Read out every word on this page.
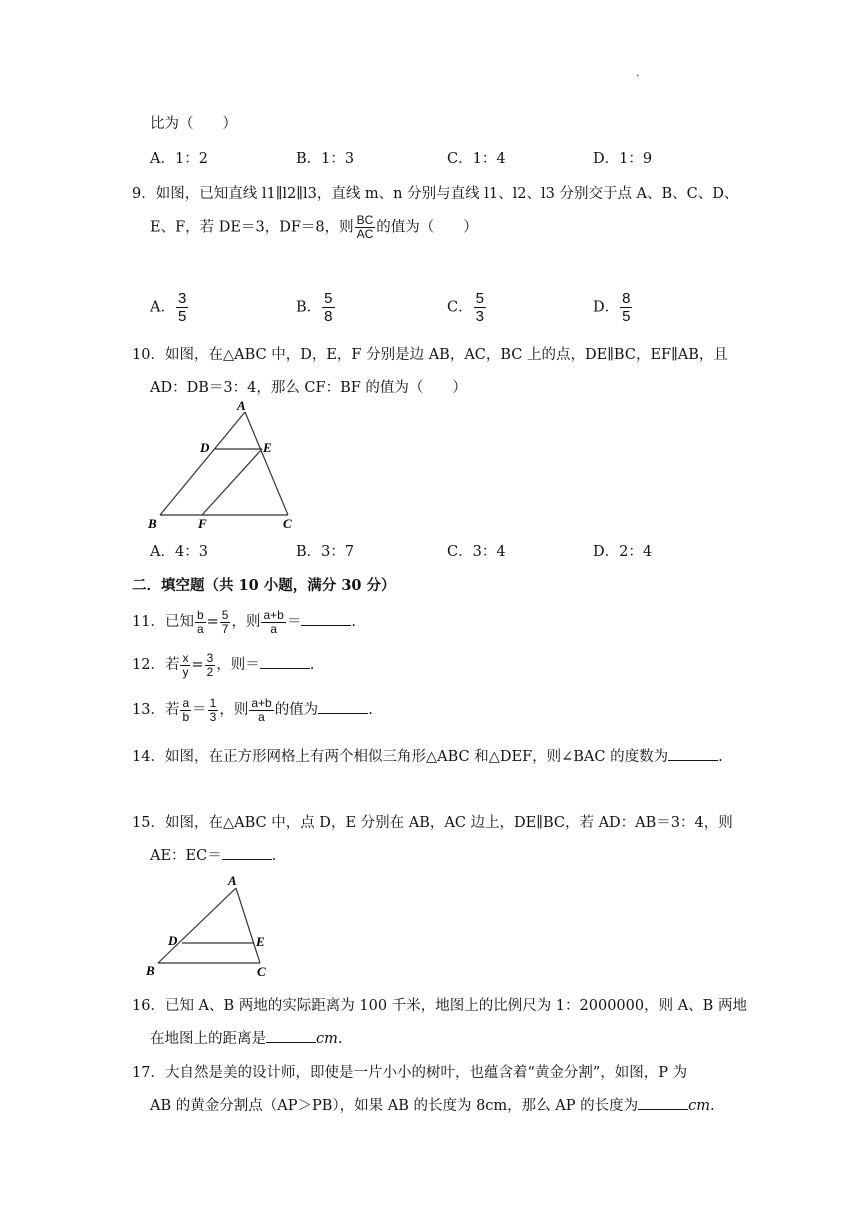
.
比为（　　）
A．1：2	B．1：3	C．1：4	D．1：9
9．如图，已知直线 l1∥l2∥l3，直线 m、n 分别与直线 l1、l2、l3 分别交于点 A、B、C、D、
E、F，若 DE＝3，DF＝8，则 $\frac{BC}{AC}$ 的值为（　　）
A． $\frac{3}{5}$	B． $\frac{5}{8}$	C． $\frac{5}{3}$	D． $\frac{8}{5}$
10．如图，在△ABC 中，D，E，F 分别是边 AB，AC，BC 上的点，DE∥BC，EF∥AB，且
AD：DB＝3：4，那么 CF：BF 的值为（　　）
A
D	E
B	F	C
A．4：3	B．3：7	C．3：4	D．2：4
二．填空题（共 10 小题，满分 30 分）
11．已知 $\frac{b}{a} = \frac{5}{7}$ ，则 $\frac{a+b}{a}$ ＝	.
12．若 $\frac{x}{y} = \frac{3}{2}$ ，则＝	.
13．若 $\frac{a}{b} = \frac{1}{3}$ ，则 $\frac{a+b}{a}$ 的值为	.
14．如图，在正方形网格上有两个相似三角形△ABC 和△DEF，则∠BAC 的度数为	.
15．如图，在△ABC 中，点 D，E 分别在 AB，AC 边上，DE∥BC，若 AD：AB＝3：4，则
AE：EC＝	.
A
D	E
B	C
16．已知 A、B 两地的实际距离为 100 千米，地图上的比例尺为 1：2000000，则 A、B 两地
在地图上的距离是	cm.
17．大自然是美的设计师，即使是一片小小的树叶，也蕴含着“黄金分割”，如图，P 为
AB 的黄金分割点（AP＞PB），如果 AB 的长度为 8cm，那么 AP 的长度为	cm.
